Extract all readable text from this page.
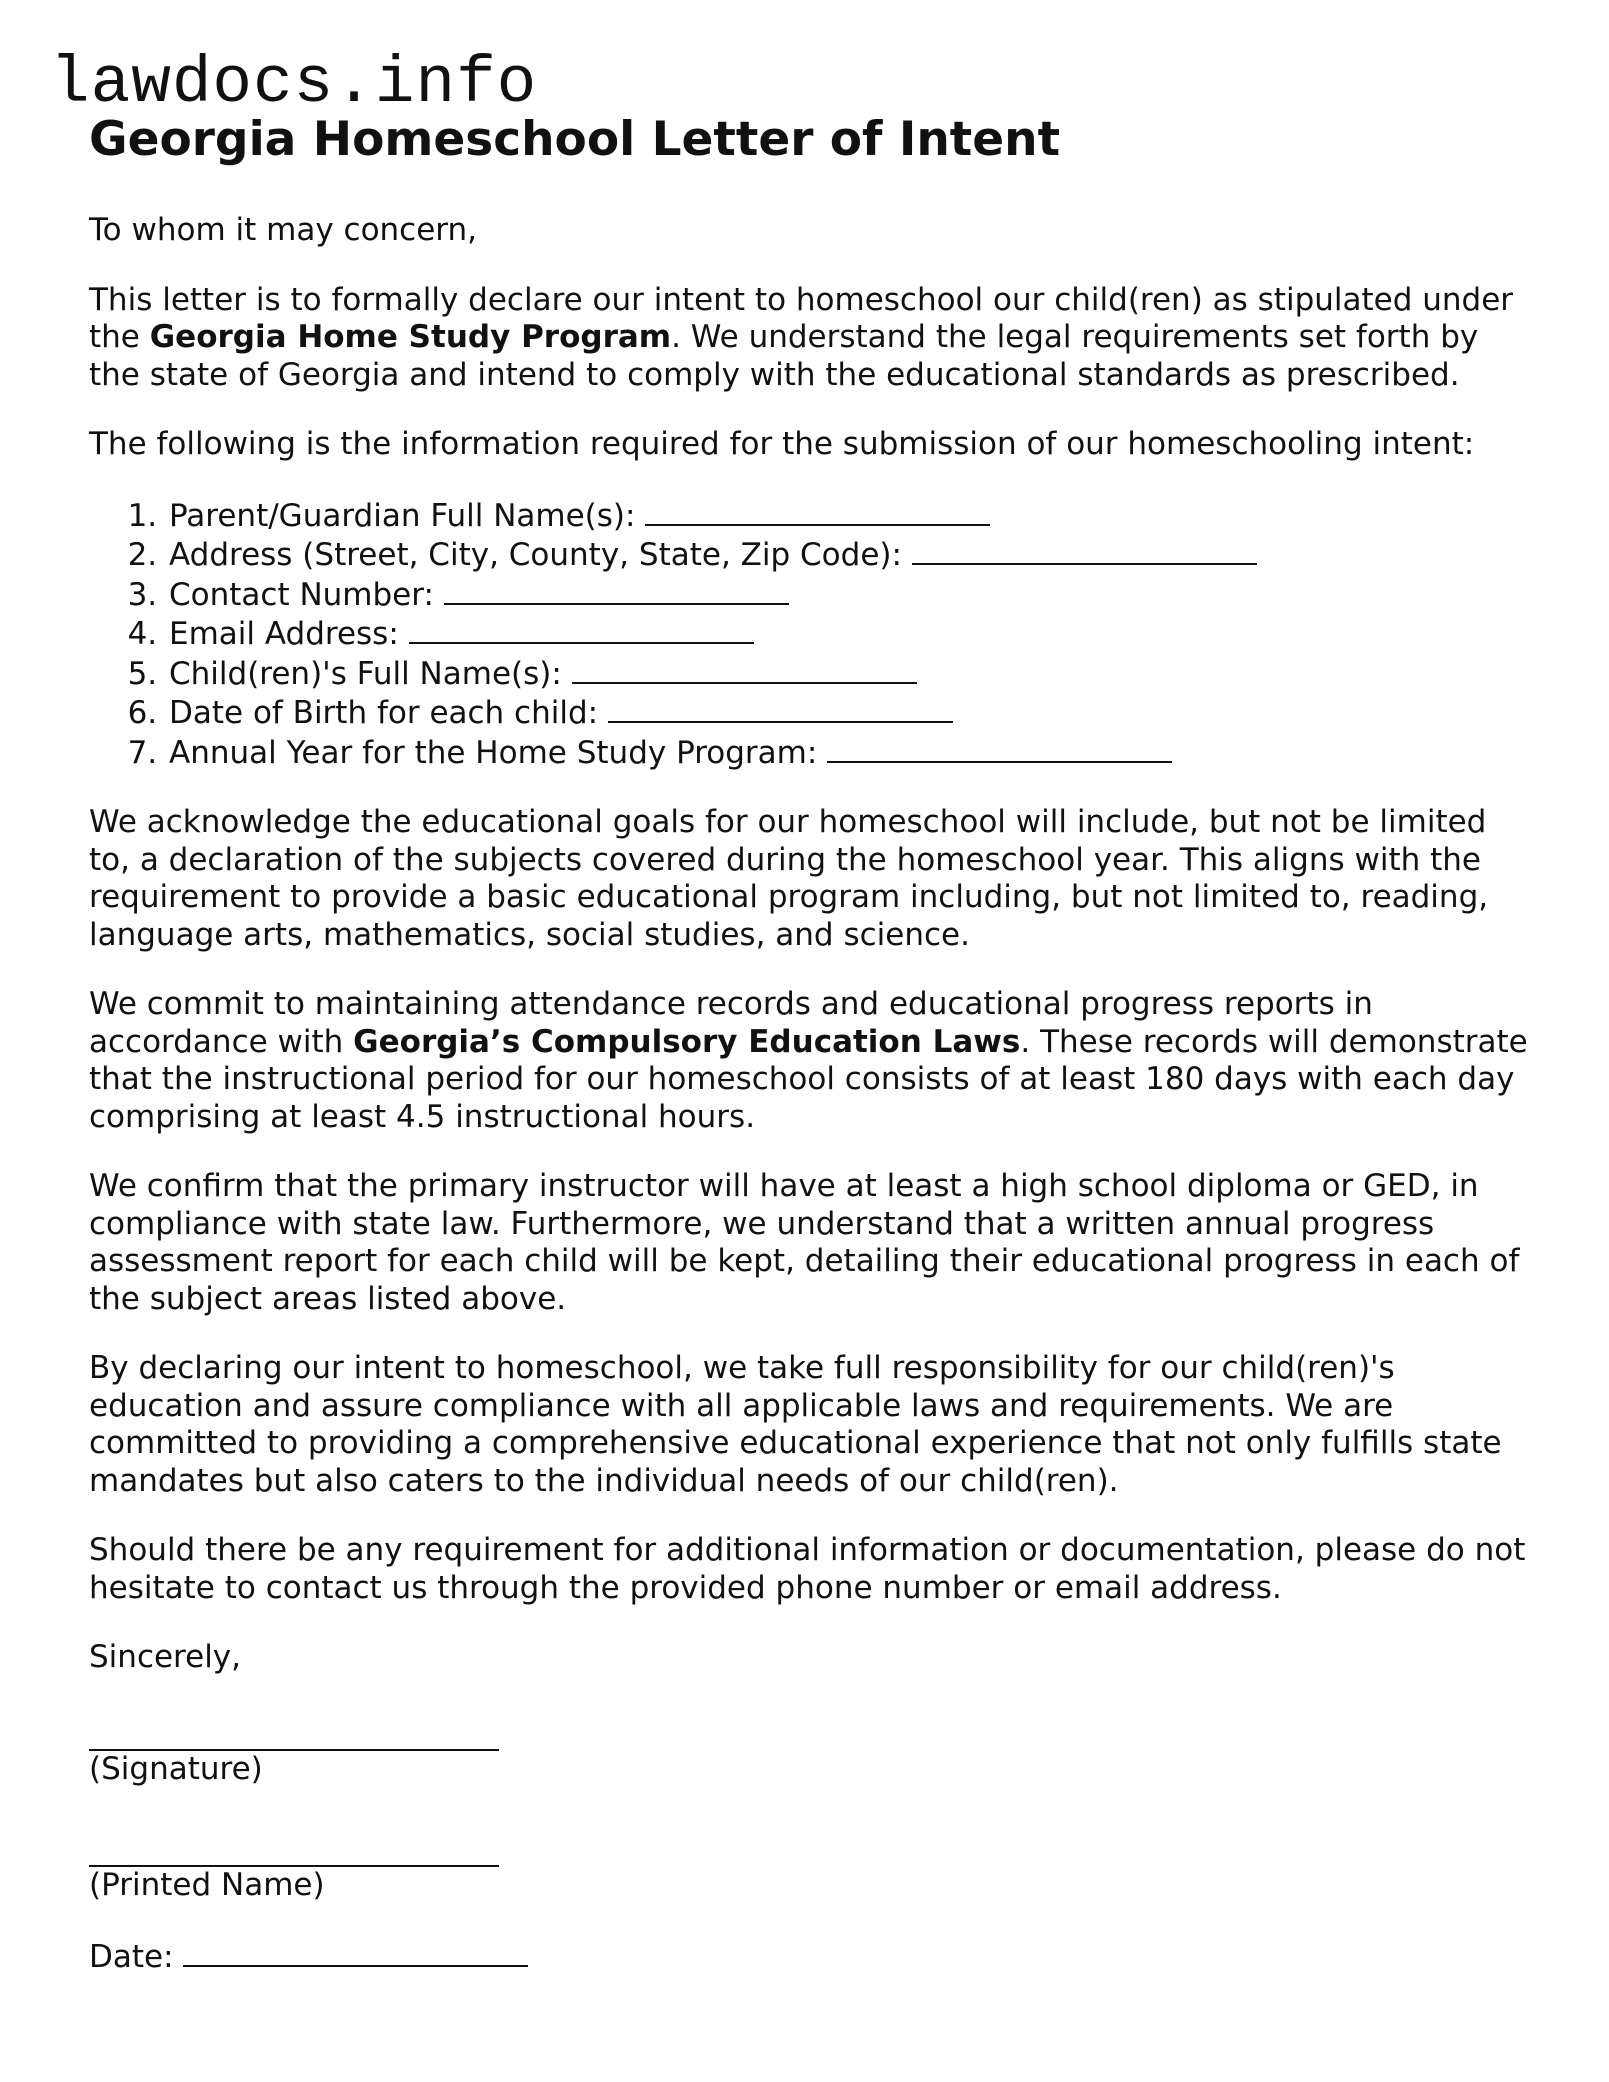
lawdocs.info
Georgia Homeschool Letter of Intent

To whom it may concern,

This letter is to formally declare our intent to homeschool our child(ren) as stipulated under the Georgia Home Study Program. We understand the legal requirements set forth by the state of Georgia and intend to comply with the educational standards as prescribed.

The following is the information required for the submission of our homeschooling intent:

1. Parent/Guardian Full Name(s):
2. Address (Street, City, County, State, Zip Code):
3. Contact Number:
4. Email Address:
5. Child(ren)'s Full Name(s):
6. Date of Birth for each child:
7. Annual Year for the Home Study Program:

We acknowledge the educational goals for our homeschool will include, but not be limited to, a declaration of the subjects covered during the homeschool year. This aligns with the requirement to provide a basic educational program including, but not limited to, reading, language arts, mathematics, social studies, and science.

We commit to maintaining attendance records and educational progress reports in accordance with Georgia’s Compulsory Education Laws. These records will demonstrate that the instructional period for our homeschool consists of at least 180 days with each day comprising at least 4.5 instructional hours.

We confirm that the primary instructor will have at least a high school diploma or GED, in compliance with state law. Furthermore, we understand that a written annual progress assessment report for each child will be kept, detailing their educational progress in each of the subject areas listed above.

By declaring our intent to homeschool, we take full responsibility for our child(ren)'s education and assure compliance with all applicable laws and requirements. We are committed to providing a comprehensive educational experience that not only fulfills state mandates but also caters to the individual needs of our child(ren).

Should there be any requirement for additional information or documentation, please do not hesitate to contact us through the provided phone number or email address.

Sincerely,

(Signature)

(Printed Name)

Date:
